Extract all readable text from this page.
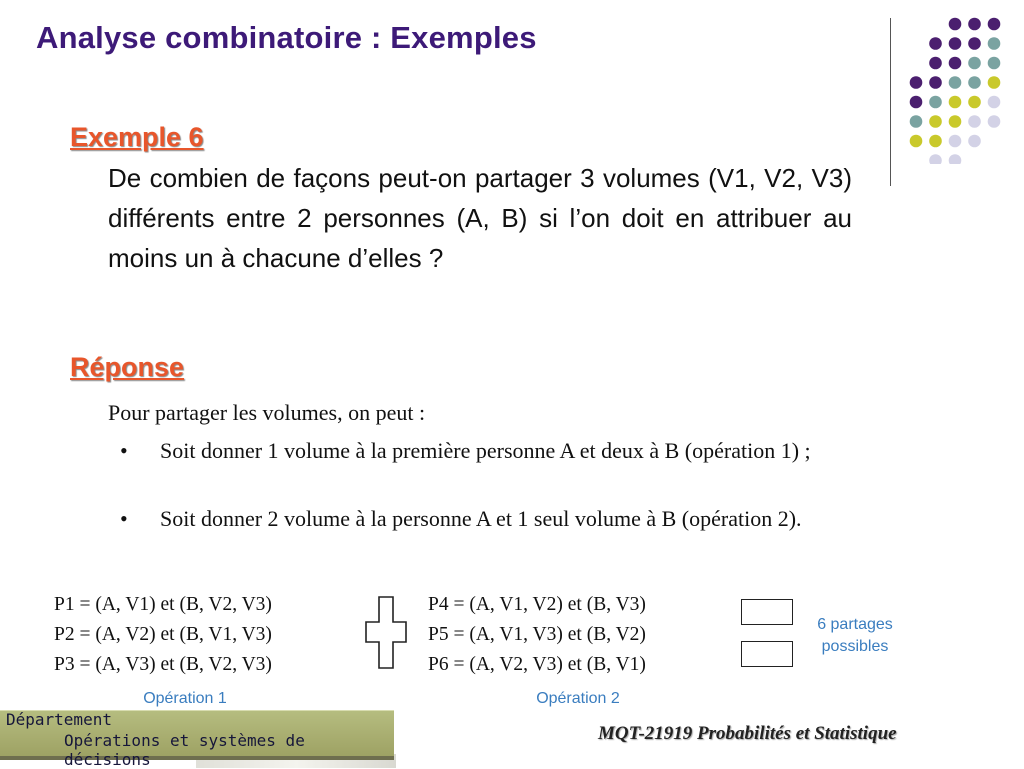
Analyse combinatoire : Exemples
Exemple 6
De combien de façons peut-on partager 3 volumes (V1, V2, V3) différents entre 2 personnes (A, B) si l’on doit en attribuer au moins un à chacune d’elles ?
Réponse
Pour partager les volumes, on peut :
• Soit donner 1 volume à la première personne A et deux à B (opération 1) ;
• Soit donner 2 volume à la personne A et 1 seul volume à B (opération 2).
P1 = (A, V1) et (B, V2, V3)
P2 = (A, V2) et (B, V1, V3)
P3 = (A, V3) et (B, V2, V3)
P4 = (A, V1, V2) et (B, V3)
P5 = (A, V1, V3) et (B, V2)
P6 = (A, V2, V3) et (B, V1)
6 partages
possibles
Opération 1	Opération 2
Département
Opérations et systèmes de décisions
MQT-21919 Probabilités et Statistique
